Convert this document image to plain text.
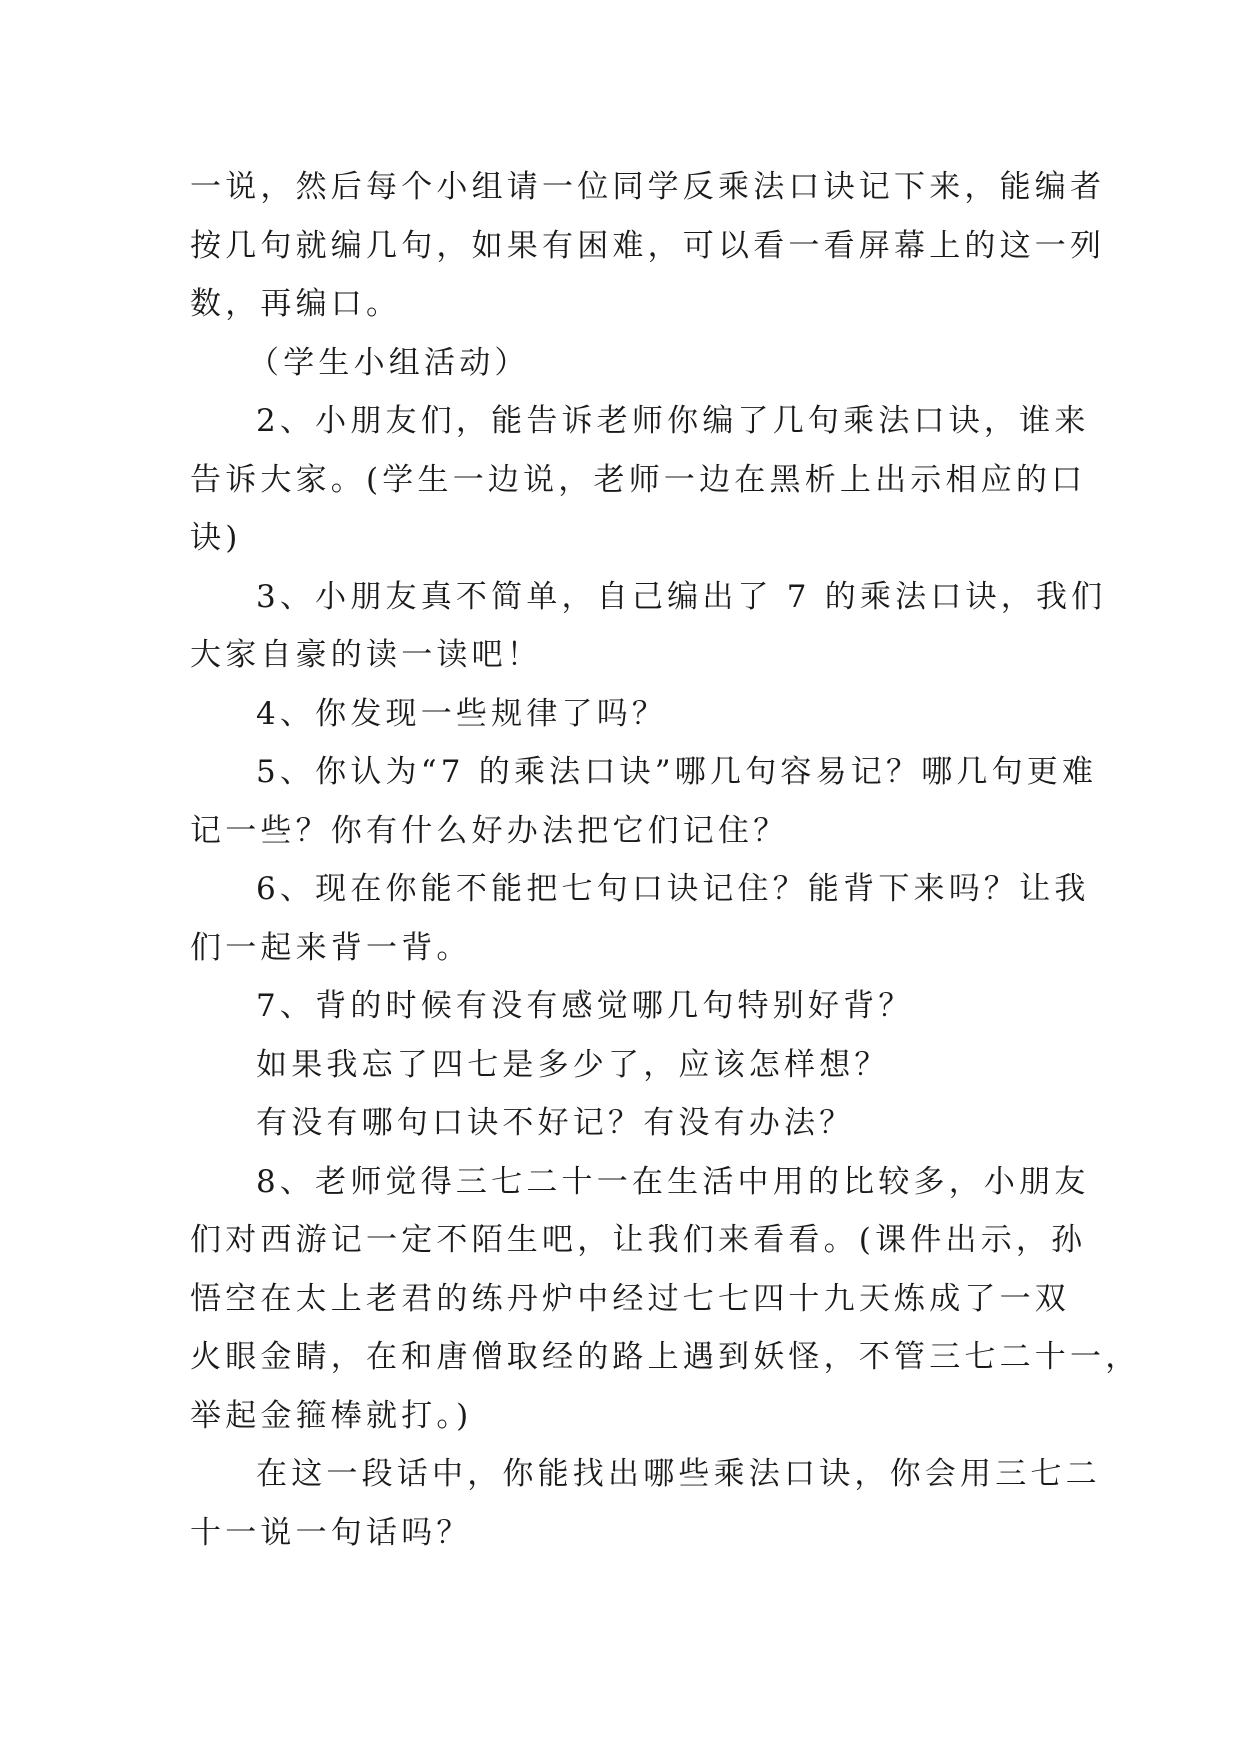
一说，然后每个小组请一位同学反乘法口诀记下来，能编者
按几句就编几句，如果有困难，可以看一看屏幕上的这一列
数，再编口。

（学生小组活动）

2、小朋友们，能告诉老师你编了几句乘法口诀，谁来
告诉大家。(学生一边说，老师一边在黑析上出示相应的口
诀)

3、小朋友真不简单，自己编出了 7 的乘法口诀，我们
大家自豪的读一读吧！

4、你发现一些规律了吗？

5、你认为“7 的乘法口诀”哪几句容易记？哪几句更难
记一些？你有什么好办法把它们记住？

6、现在你能不能把七句口诀记住？能背下来吗？让我
们一起来背一背。

7、背的时候有没有感觉哪几句特别好背？

如果我忘了四七是多少了，应该怎样想？

有没有哪句口诀不好记？有没有办法？

8、老师觉得三七二十一在生活中用的比较多，小朋友
们对西游记一定不陌生吧，让我们来看看。(课件出示，孙
悟空在太上老君的练丹炉中经过七七四十九天炼成了一双
火眼金睛，在和唐僧取经的路上遇到妖怪，不管三七二十一，
举起金箍棒就打。)

在这一段话中，你能找出哪些乘法口诀，你会用三七二
十一说一句话吗？
